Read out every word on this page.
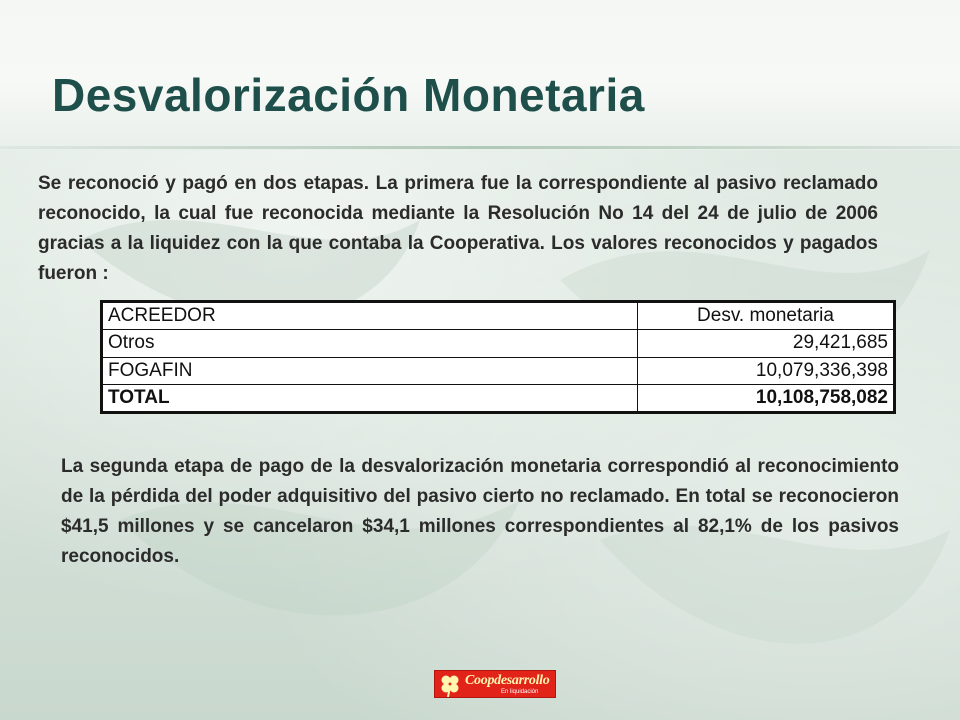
Desvalorización Monetaria

Se reconoció y pagó en dos etapas. La primera fue la correspondiente al pasivo reclamado reconocido, la cual fue reconocida mediante la Resolución No 14 del 24 de julio de 2006 gracias a la liquidez con la que contaba la Cooperativa. Los valores reconocidos y pagados fueron :

ACREEDOR	Desv. monetaria
Otros	29,421,685
FOGAFIN	10,079,336,398
TOTAL	10,108,758,082

La segunda etapa de pago de la desvalorización monetaria correspondió al reconocimiento de la pérdida del poder adquisitivo del pasivo cierto no reclamado. En total se reconocieron $41,5 millones y se cancelaron $34,1 millones correspondientes al 82,1% de los pasivos reconocidos.

Coopdesarrollo
En liquidación
